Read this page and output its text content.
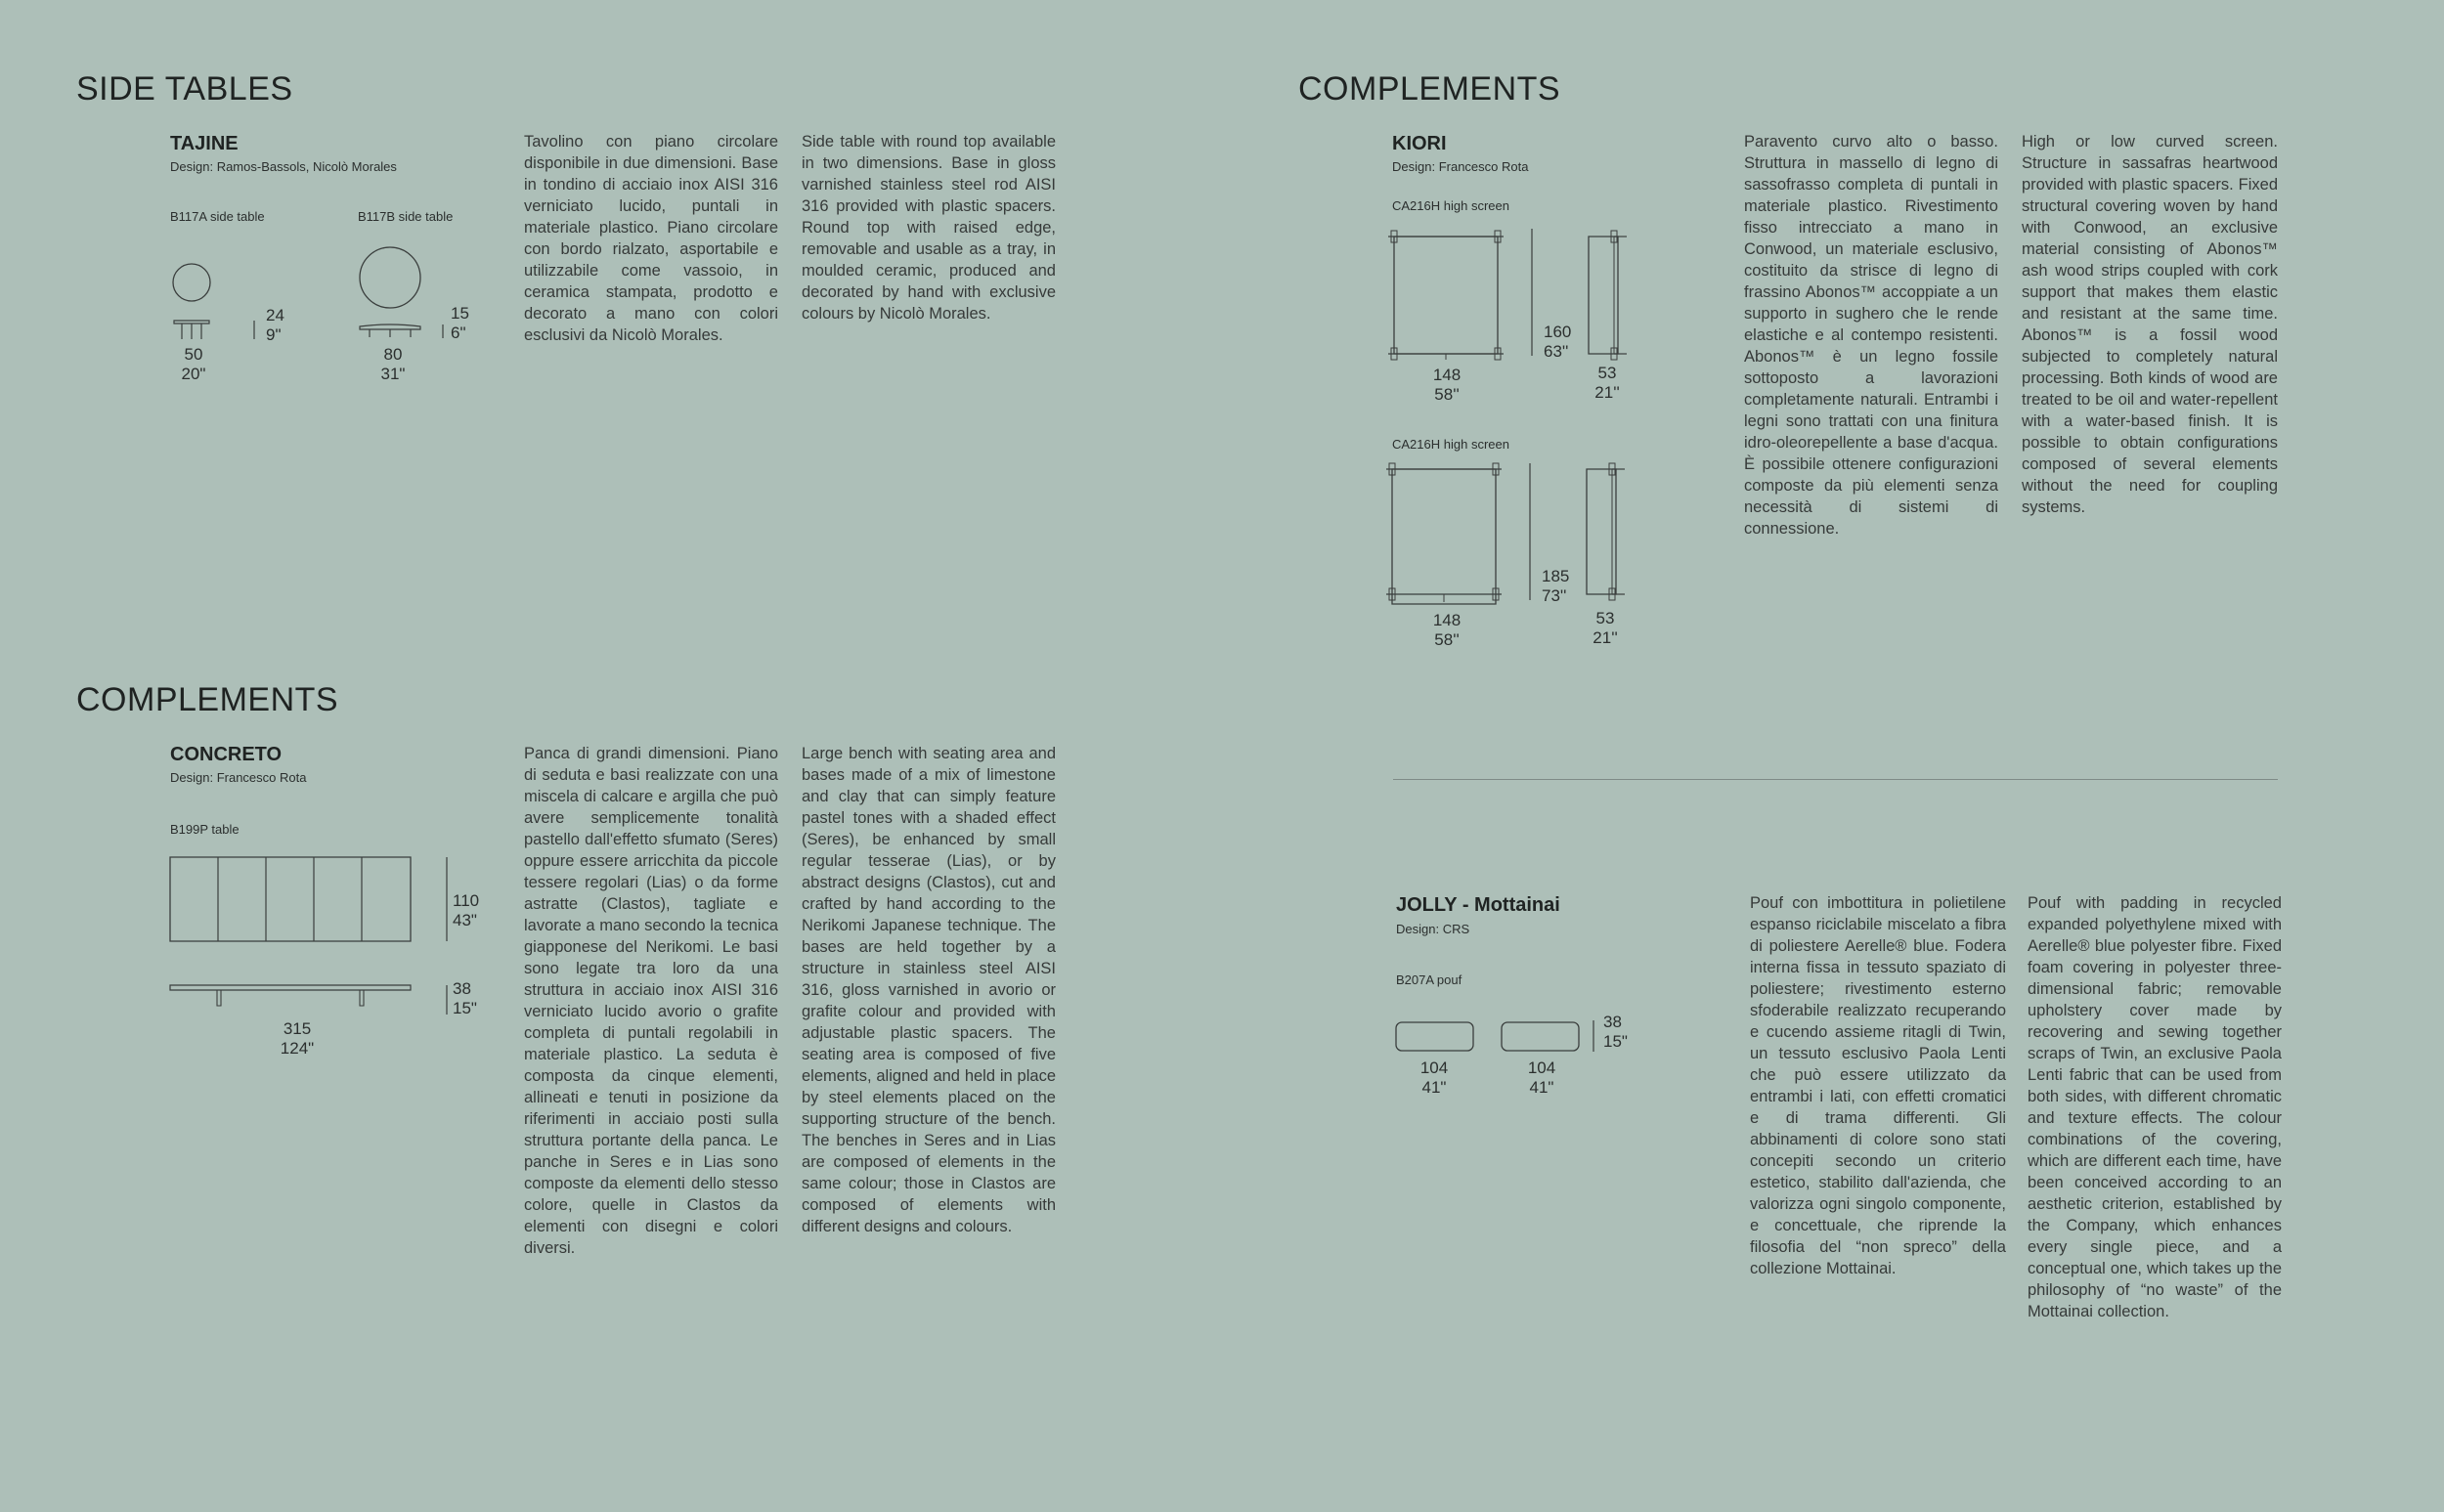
SIDE TABLES
TAJINE
Design: Ramos-Bassols, Nicolò Morales
B117A side table	B117B side table
24
9"
50
20"
15
6"
80
31"
Tavolino con piano circolare disponibile in due dimensioni. Base in tondino di acciaio inox AISI 316 verniciato lucido, puntali in materiale plastico. Piano circolare con bordo rialzato, asportabile e utilizzabile come vassoio, in ceramica stampata, prodotto e decorato a mano con colori esclusivi da Nicolò Morales.
Side table with round top available in two dimensions. Base in gloss varnished stainless steel rod AISI 316 provided with plastic spacers. Round top with raised edge, removable and usable as a tray, in moulded ceramic, produced and decorated by hand with exclusive colours by Nicolò Morales.
COMPLEMENTS
CONCRETO
Design: Francesco Rota
B199P table
110
43"
38
15"
315
124"
Panca di grandi dimensioni. Piano di seduta e basi realizzate con una miscela di calcare e argilla che può avere semplicemente tonalità pastello dall'effetto sfumato (Seres) oppure essere arricchita da piccole tessere regolari (Lias) o da forme astratte (Clastos), tagliate e lavorate a mano secondo la tecnica giapponese del Nerikomi. Le basi sono legate tra loro da una struttura in acciaio inox AISI 316 verniciato lucido avorio o grafite completa di puntali regolabili in materiale plastico. La seduta è composta da cinque elementi, allineati e tenuti in posizione da riferimenti in acciaio posti sulla struttura portante della panca. Le panche in Seres e in Lias sono composte da elementi dello stesso colore, quelle in Clastos da elementi con disegni e colori diversi.
Large bench with seating area and bases made of a mix of limestone and clay that can simply feature pastel tones with a shaded effect (Seres), be enhanced by small regular tesserae (Lias), or by abstract designs (Clastos), cut and crafted by hand according to the Nerikomi Japanese technique. The bases are held together by a structure in stainless steel AISI 316, gloss varnished in avorio or grafite colour and provided with adjustable plastic spacers. The seating area is composed of five elements, aligned and held in place by steel elements placed on the supporting structure of the bench. The benches in Seres and in Lias are composed of elements in the same colour; those in Clastos are composed of elements with different designs and colours.
COMPLEMENTS
KIORI
Design: Francesco Rota
CA216H high screen
160
63''
148
58''
53
21''
CA216H high screen
185
73''
148
58''
53
21''
Paravento curvo alto o basso. Struttura in massello di legno di sassofrasso completa di puntali in materiale plastico. Rivestimento fisso intrecciato a mano in Conwood, un materiale esclusivo, costituito da strisce di legno di frassino Abonos™ accoppiate a un supporto in sughero che le rende elastiche e al contempo resistenti. Abonos™ è un legno fossile sottoposto a lavorazioni completamente naturali. Entrambi i legni sono trattati con una finitura idro-oleorepellente a base d'acqua. È possibile ottenere configurazioni composte da più elementi senza necessità di sistemi di connessione.
High or low curved screen. Structure in sassafras heartwood provided with plastic spacers. Fixed structural covering woven by hand with Conwood, an exclusive material consisting of Abonos™ ash wood strips coupled with cork support that makes them elastic and resistant at the same time. Abonos™ is a fossil wood subjected to completely natural processing. Both kinds of wood are treated to be oil and water-repellent with a water-based finish. It is possible to obtain configurations composed of several elements without the need for coupling systems.
JOLLY - Mottainai
Design: CRS
B207A pouf
38
15"
104
41"
104
41"
Pouf con imbottitura in polietilene espanso riciclabile miscelato a fibra di poliestere Aerelle® blue. Fodera interna fissa in tessuto spaziato di poliestere; rivestimento esterno sfoderabile realizzato recuperando e cucendo assieme ritagli di Twin, un tessuto esclusivo Paola Lenti che può essere utilizzato da entrambi i lati, con effetti cromatici e di trama differenti. Gli abbinamenti di colore sono stati concepiti secondo un criterio estetico, stabilito dall'azienda, che valorizza ogni singolo componente, e concettuale, che riprende la filosofia del “non spreco” della collezione Mottainai.
Pouf with padding in recycled expanded polyethylene mixed with Aerelle® blue polyester fibre. Fixed foam covering in polyester three-dimensional fabric; removable upholstery cover made by recovering and sewing together scraps of Twin, an exclusive Paola Lenti fabric that can be used from both sides, with different chromatic and texture effects. The colour combinations of the covering, which are different each time, have been conceived according to an aesthetic criterion, established by the Company, which enhances every single piece, and a conceptual one, which takes up the philosophy of “no waste” of the Mottainai collection.
